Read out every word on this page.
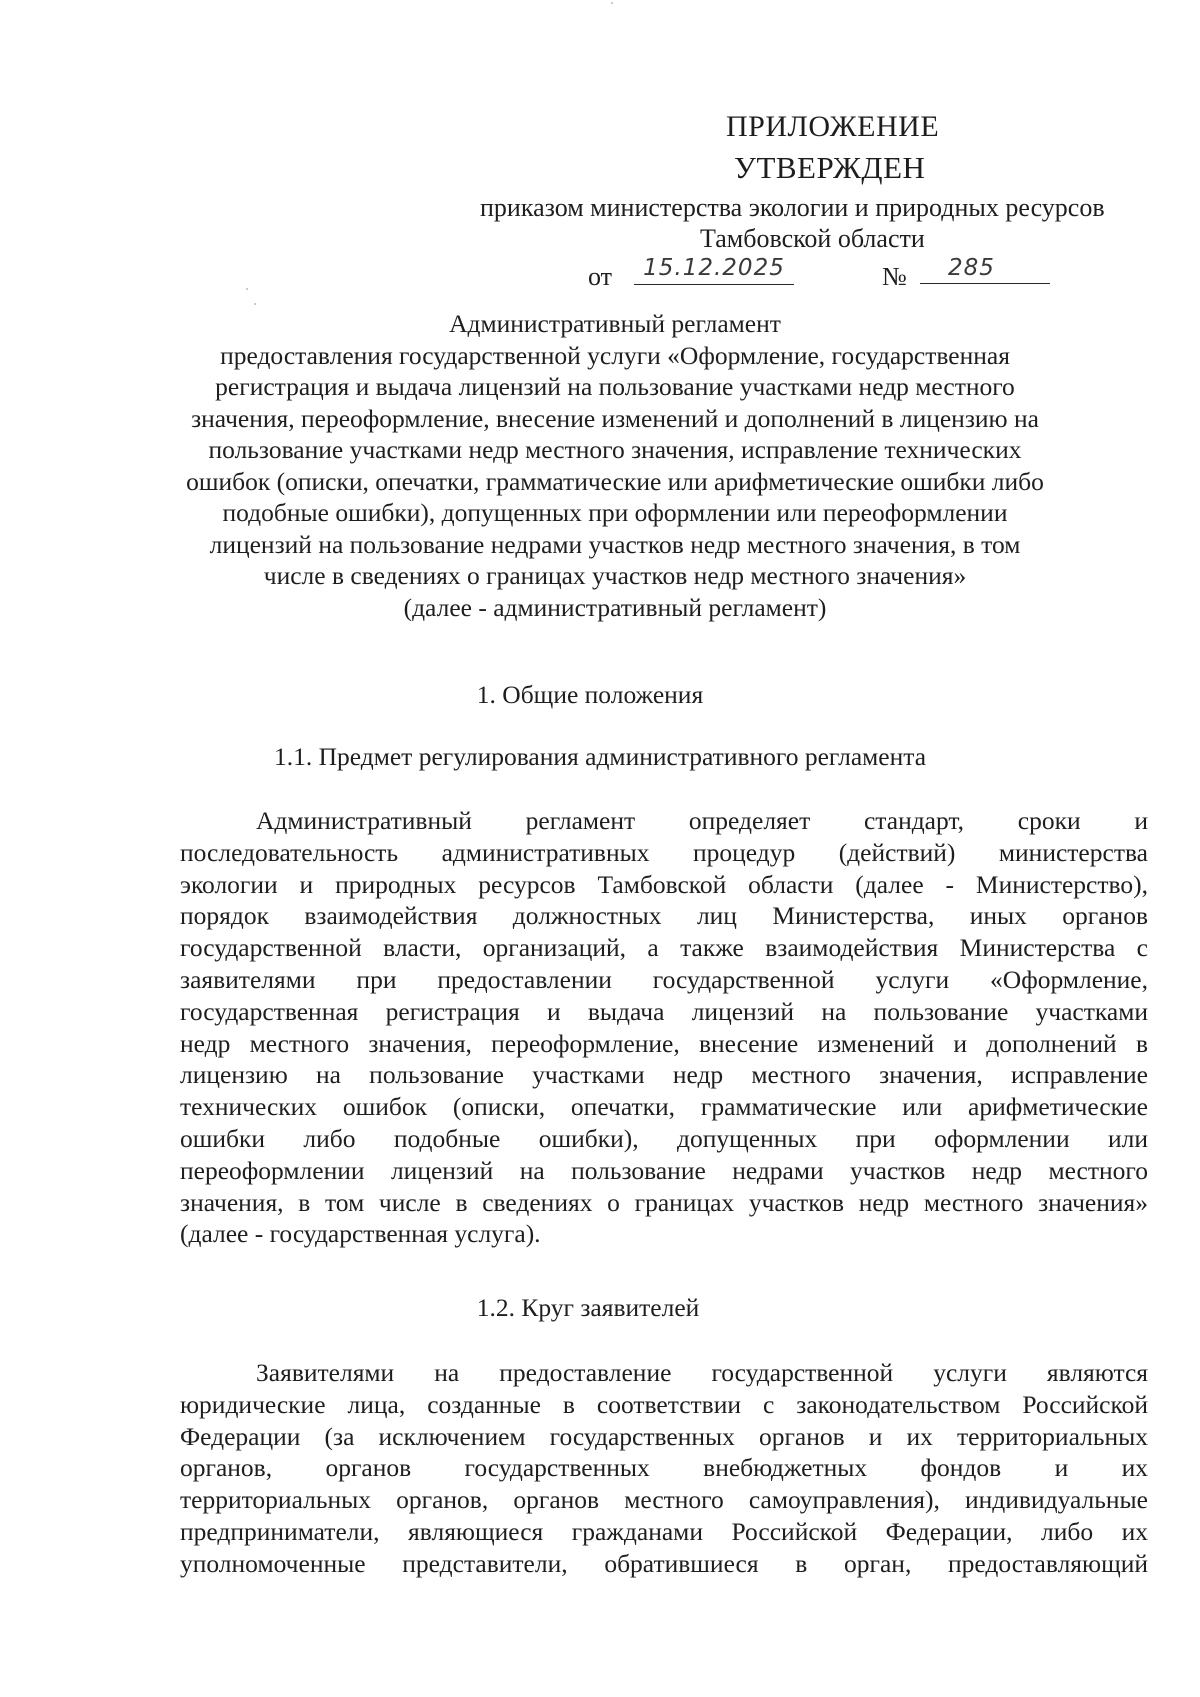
ПРИЛОЖЕНИЕ
УТВЕРЖДЕН
приказом министерства экологии и природных ресурсов
Тамбовской области
от	15.12.2025	№	285

Административный регламент

предоставления государственной услуги «Оформление, государственная

регистрация и выдача лицензий на пользование участками недр местного

значения, переоформление, внесение изменений и дополнений в лицензию на

пользование участками недр местного значения, исправление технических

ошибок (описки, опечатки, грамматические или арифметические ошибки либо

подобные ошибки), допущенных при оформлении или переоформлении

лицензий на пользование недрами участков недр местного значения, в том

числе в сведениях о границах участков недр местного значения»

(далее - административный регламент)

1. Общие положения
1.1. Предмет регулирования административного регламента
Административный регламент определяет стандарт, сроки и
последовательность административных процедур (действий) министерства
экологии и природных ресурсов Тамбовской области (далее - Министерство),
порядок взаимодействия должностных лиц Министерства, иных органов
государственной власти, организаций, а также взаимодействия Министерства с
заявителями при предоставлении государственной услуги «Оформление,
государственная регистрация и выдача лицензий на пользование участками
недр местного значения, переоформление, внесение изменений и дополнений в
лицензию на пользование участками недр местного значения, исправление
технических ошибок (описки, опечатки, грамматические или арифметические
ошибки либо подобные ошибки), допущенных при оформлении или
переоформлении лицензий на пользование недрами участков недр местного
значения, в том числе в сведениях о границах участков недр местного значения»
(далее - государственная услуга).
1.2. Круг заявителей
Заявителями на предоставление государственной услуги являются
юридические лица, созданные в соответствии с законодательством Российской
Федерации (за исключением государственных органов и их территориальных
органов, органов государственных внебюджетных фондов и их
территориальных органов, органов местного самоуправления), индивидуальные
предприниматели, являющиеся гражданами Российской Федерации, либо их
уполномоченные представители, обратившиеся в орган, предоставляющий
